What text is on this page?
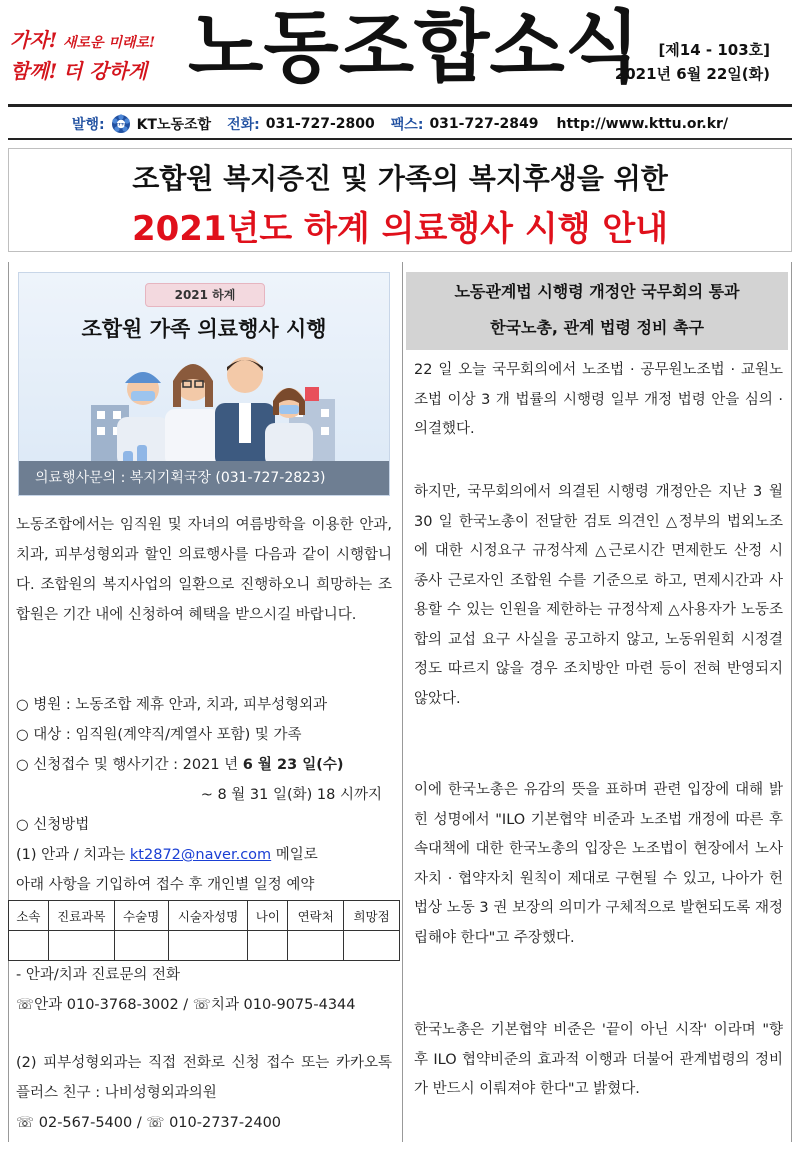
가자! 새로운 미래로!
함께! 더 강하게 노동조합소식	[제14 - 103호]
2021년 6월 22일(화)
발행:	KTTU KT노동조합 전화: 031-727-2800 팩스: 031-727-2849 http://www.kttu.or.kr/
조합원 복지증진 및 가족의 복지후생을 위한
2021년도 하계 의료행사 시행 안내
2021 하계
조합원 가족 의료행사 시행
의료행사문의 : 복지기획국장 (031-727-2823)
노동조합에서는 임직원 및 자녀의 여름방학을 이용한 안과, 치과, 피부성형외과 할인 의료행사를 다음과 같이 시행합니다. 조합원의 복지사업의 일환으로 진행하오니 희망하는 조합원은 기간 내에 신청하여 혜택을 받으시길 바랍니다.
○ 병원 : 노동조합 제휴 안과, 치과, 피부성형외과
○ 대상 : 임직원(계약직/계열사 포함) 및 가족
○ 신청접수 및 행사기간 : 2021 년 6 월 23 일(수)
~ 8 월 31 일(화) 18 시까지
○ 신청방법
(1) 안과 / 치과는 kt2872@naver.com 메일로
아래 사항을 기입하여 접수 후 개인별 일정 예약
소속	진료과목	수술명	시술자성명	나이	연락처	희망점

- 안과/치과 진료문의 전화
☏안과 010-3768-3002 / ☏치과 010-9075-4344
(2) 피부성형외과는 직접 전화로 신청 접수 또는 카카오톡 플러스 친구 : 나비성형외과의원
☏ 02-567-5400 / ☏ 010-2737-2400
노동관계법 시행령 개정안 국무회의 통과
한국노총, 관계 법령 정비 촉구
22 일 오늘 국무회의에서 노조법 · 공무원노조법 · 교원노조법 이상 3 개 법률의 시행령 일부 개정 법령 안을 심의 · 의결했다.
하지만, 국무회의에서 의결된 시행령 개정안은 지난 3 월 30 일 한국노총이 전달한 검토 의견인 △정부의 법외노조에 대한 시정요구 규정삭제 △근로시간 면제한도 산정 시 종사 근로자인 조합원 수를 기준으로 하고, 면제시간과 사용할 수 있는 인원을 제한하는 규정삭제 △사용자가 노동조합의 교섭 요구 사실을 공고하지 않고, 노동위원회 시정결정도 따르지 않을 경우 조치방안 마련 등이 전혀 반영되지 않았다.
이에 한국노총은 유감의 뜻을 표하며 관련 입장에 대해 밝힌 성명에서 "ILO 기본협약 비준과 노조법 개정에 따른 후속대책에 대한 한국노총의 입장은 노조법이 현장에서 노사자치 · 협약자치 원칙이 제대로 구현될 수 있고, 나아가 헌법상 노동 3 권 보장의 의미가 구체적으로 발현되도록 재정립해야 한다"고 주장했다.
한국노총은 기본협약 비준은 '끝이 아닌 시작' 이라며 "향후 ILO 협약비준의 효과적 이행과 더불어 관계법령의 정비가 반드시 이뤄져야 한다"고 밝혔다.
